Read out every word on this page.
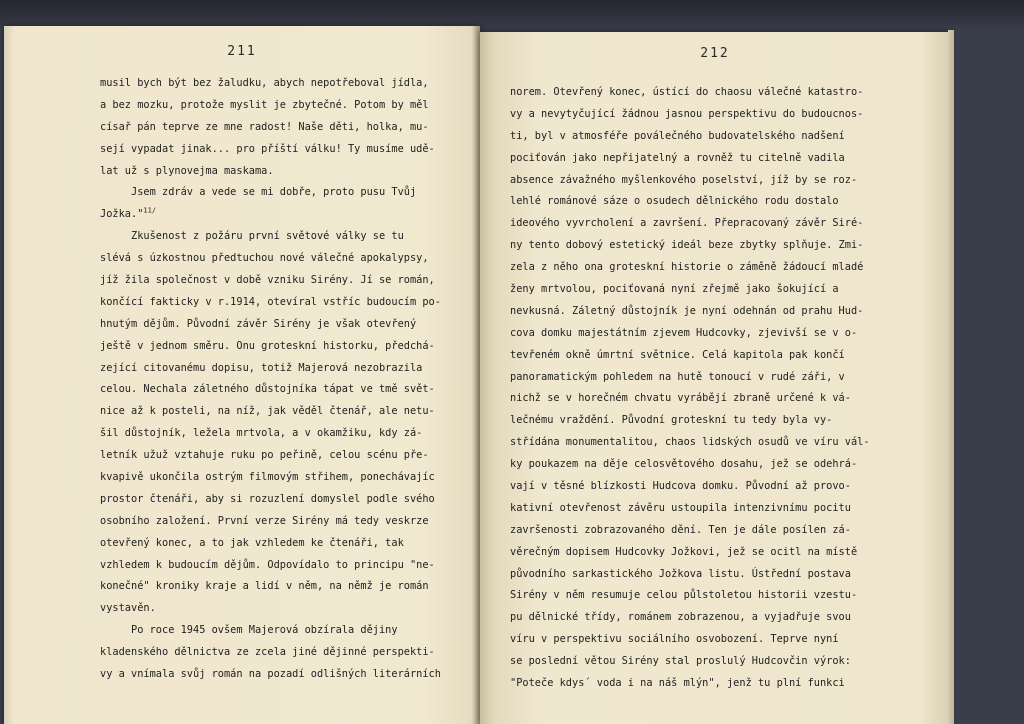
211
musil bych být bez žaludku, abych nepotřeboval jídla,
a bez mozku, protože myslit je zbytečné. Potom by měl
císař pán teprve ze mne radost! Naše děti, holka, mu-
sejí vypadat jinak... pro příští válku! Ty musíme udě-
lat už s plynovejma maskama.
Jsem zdráv a vede se mi dobře, proto pusu Tvůj
Jožka."$^{11/}$
Zkušenost z požáru první světové války se tu
slévá s úzkostnou předtuchou nové válečné apokalypsy,
jíž žila společnost v době vzniku Sirény. Jí se román,
končící fakticky v r.1914, otevíral vstříc budoucím po-
hnutým dějům. Původní závěr Sirény je však otevřený
ještě v jednom směru. Onu groteskní historku, předchá-
zející citovanému dopisu, totiž Majerová nezobrazila
celou. Nechala záletného důstojníka tápat ve tmě svět-
nice až k posteli, na níž, jak věděl čtenář, ale netu-
šil důstojník, ležela mrtvola, a v okamžiku, kdy zá-
letník užuž vztahuje ruku po peřině, celou scénu pře-
kvapivě ukončila ostrým filmovým střihem, ponechávajíc
prostor čtenáři, aby si rozuzlení domyslel podle svého
osobního založení. První verze Sirény má tedy veskrze
otevřený konec, a to jak vzhledem ke čtenáři, tak
vzhledem k budoucím dějům. Odpovídalo to principu "ne-
konečné" kroniky kraje a lidí v něm, na němž je román
vystavěn.
Po roce 1945 ovšem Majerová obzírala dějiny
kladenského dělnictva ze zcela jiné dějinné perspekti-
vy a vnímala svůj román na pozadí odlišných literárních
212
norem. Otevřený konec, ústící do chaosu válečné katastro-
vy a nevytyčující žádnou jasnou perspektivu do budoucnos-
ti, byl v atmosféře poválečného budovatelského nadšení
pociťován jako nepřijatelný a rovněž tu citelně vadila
absence závažného myšlenkového poselství, jíž by se roz-
lehlé románové sáze o osudech dělnického rodu dostalo
ideového vyvrcholení a završení. Přepracovaný závěr Siré-
ny tento dobový estetický ideál beze zbytky splňuje. Zmi-
zela z něho ona groteskní historie o záměně žádoucí mladé
ženy mrtvolou, pociťovaná nyní zřejmě jako šokující a
nevkusná. Záletný důstojník je nyní odehnán od prahu Hud-
cova domku majestátním zjevem Hudcovky, zjevivší se v o-
tevřeném okně úmrtní světnice. Celá kapitola pak končí
panoramatickým pohledem na hutě tonoucí v rudé záři, v
nichž se v horečném chvatu vyrábějí zbraně určené k vá-
lečnému vraždění. Původní groteskní tu tedy byla vy-
střídána monumentalitou, chaos lidských osudů ve víru vál-
ky poukazem na děje celosvětového dosahu, jež se odehrá-
vají v těsné blízkosti Hudcova domku. Původní až provo-
kativní otevřenost závěru ustoupila intenzivnímu pocitu
završenosti zobrazovaného dění. Ten je dále posílen zá-
věrečným dopisem Hudcovky Jožkovi, jež se ocitl na místě
původního sarkastického Jožkova listu. Ústřední postava
Sirény v něm resumuje celou půlstoletou historii vzestu-
pu dělnické třídy, románem zobrazenou, a vyjadřuje svou
víru v perspektivu sociálního osvobození. Teprve nyní
se poslední větou Sirény stal proslulý Hudcovčin výrok:
"Poteče kdys´ voda i na náš mlýn", jenž tu plní funkci
